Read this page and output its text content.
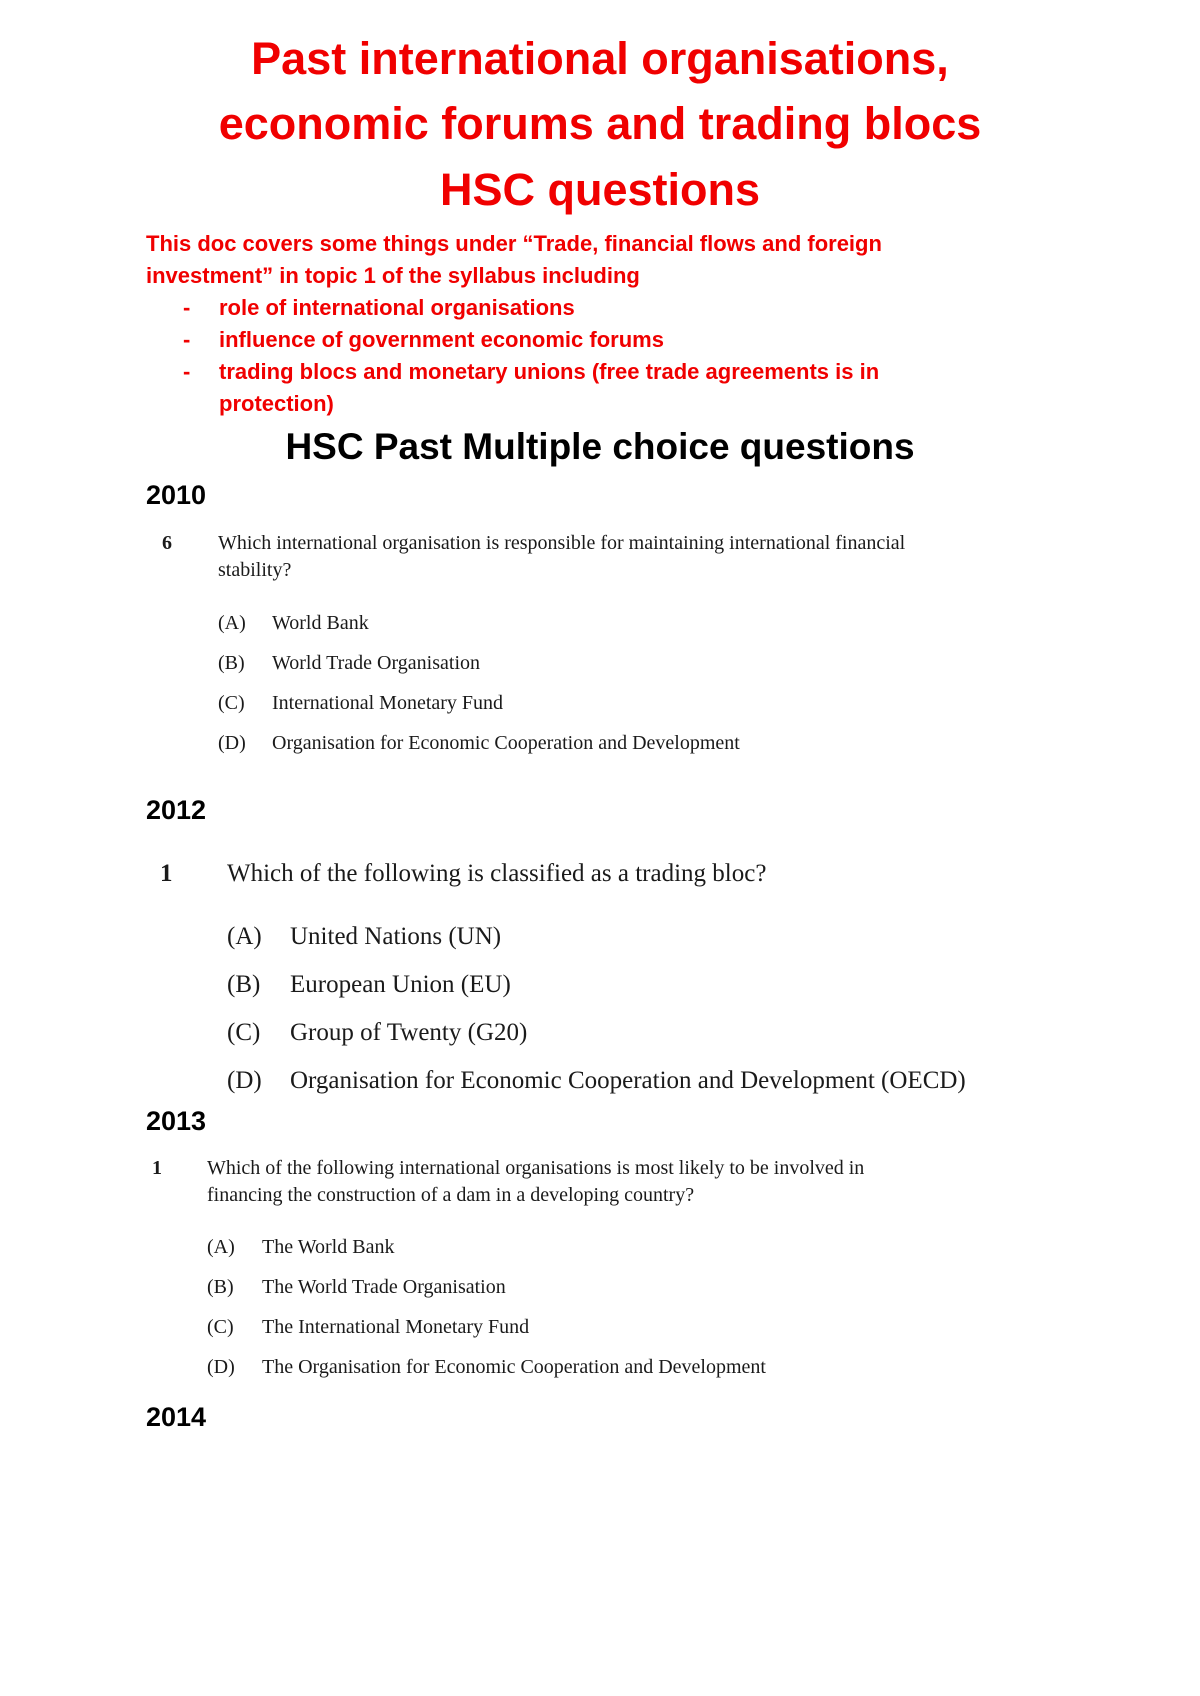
Past international organisations,

economic forums and trading blocs

HSC questions

This doc covers some things under “Trade, financial flows and foreign

investment” in topic 1 of the syllabus including

- role of international organisations
- influence of government economic forums
- trading blocs and monetary unions (free trade agreements is in
protection)

HSC Past Multiple choice questions

2010

6 Which international organisation is responsible for maintaining international financial
stability?
(A) World Bank
(B) World Trade Organisation
(C) International Monetary Fund
(D) Organisation for Economic Cooperation and Development

2012

1 Which of the following is classified as a trading bloc?
(A) United Nations (UN)
(B) European Union (EU)
(C) Group of Twenty (G20)
(D) Organisation for Economic Cooperation and Development (OECD)

2013

1 Which of the following international organisations is most likely to be involved in
financing the construction of a dam in a developing country?
(A) The World Bank
(B) The World Trade Organisation
(C) The International Monetary Fund
(D) The Organisation for Economic Cooperation and Development

2014
